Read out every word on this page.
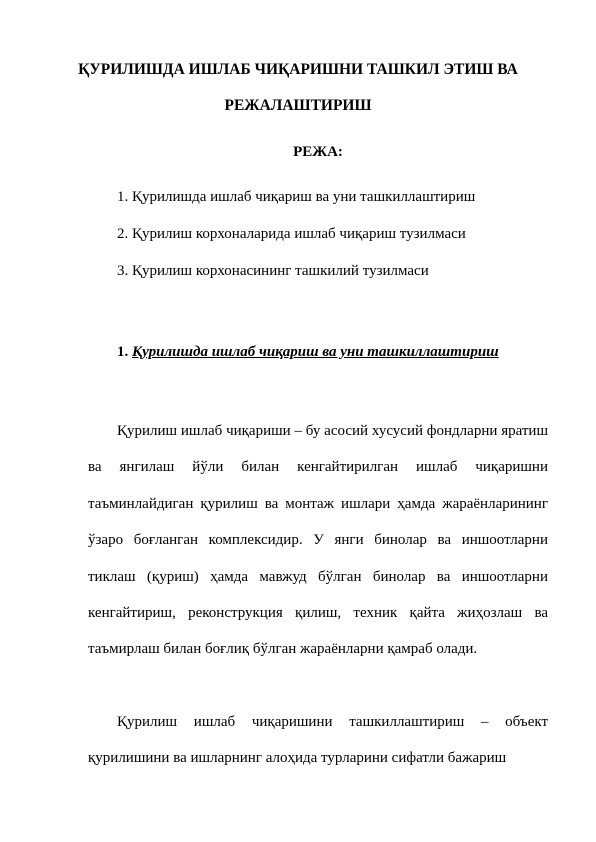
ҚУРИЛИШДА ИШЛАБ ЧИҚАРИШНИ ТАШКИЛ ЭТИШ ВА

РЕЖАЛАШТИРИШ

РЕЖА:

1. Қурилишда ишлаб чиқариш ва уни ташкиллаштириш

2. Қурилиш корхоналарида ишлаб чиқариш тузилмаси

3. Қурилиш корхонасининг ташкилий тузилмаси

1. Қурилишда ишлаб чиқариш ва уни ташкиллаштириш

Қурилиш ишлаб чиқариши – бу асосий хусусий фондларни яратиш ва янгилаш йўли билан кенгайтирилган ишлаб чиқаришни таъминлайдиган қурилиш ва монтаж ишлари ҳамда жараёнларининг ўзаро боғланган комплексидир. У янги бинолар ва иншоотларни тиклаш (қуриш) ҳамда мавжуд бўлган бинолар ва иншоотларни кенгайтириш, реконструкция қилиш, техник қайта жиҳозлаш ва таъмирлаш билан боғлиқ бўлган жараёнларни қамраб олади.

Қурилиш ишлаб чиқаришини ташкиллаштириш – объект қурилишини ва ишларнинг алоҳида турларини сифатли бажариш
